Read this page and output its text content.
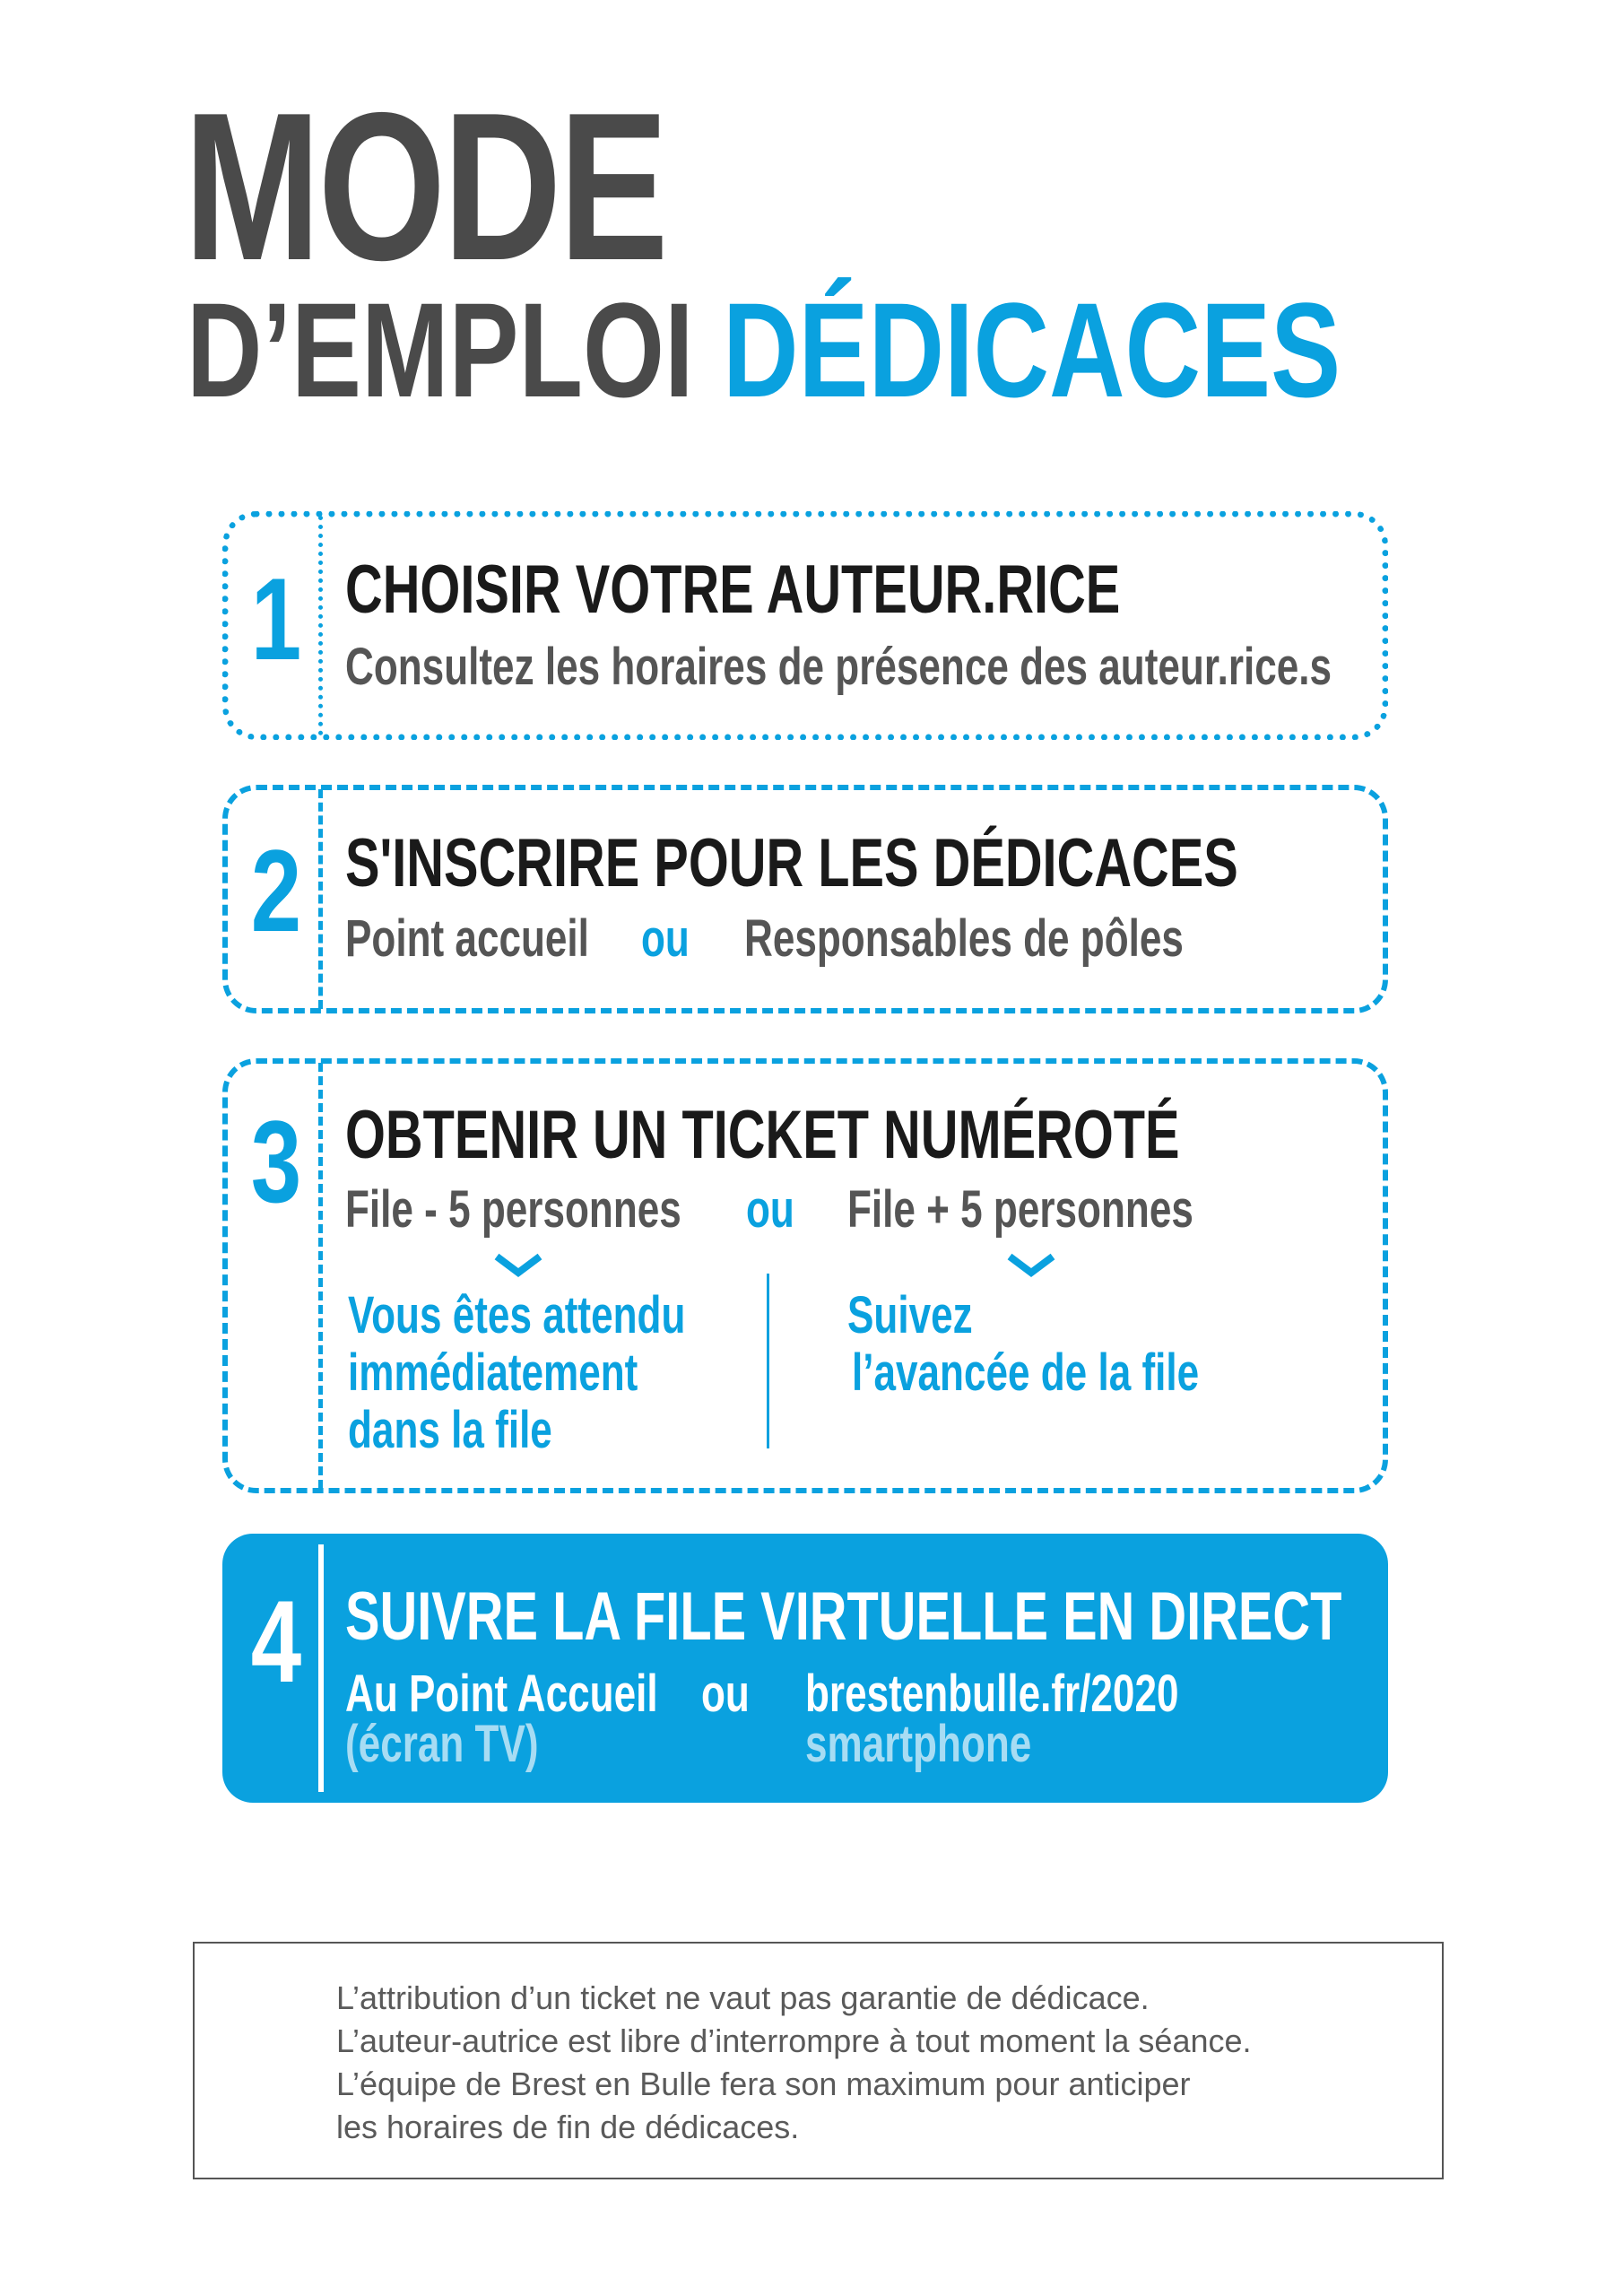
MODE
D’EMPLOI DÉDICACES
1 CHOISIR VOTRE AUTEUR.RICE
Consultez les horaires de présence des auteur.rice.s
2 S'INSCRIRE POUR LES DÉDICACES
Point accueil ou Responsables de pôles
3 OBTENIR UN TICKET NUMÉROTÉ
File - 5 personnes ou File + 5 personnes
Vous êtes attendu
immédiatement
dans la file
Suivez
l’avancée de la file
4 SUIVRE LA FILE VIRTUELLE EN DIRECT
Au Point Accueil
(écran TV)
ou brestenbulle.fr/2020
smartphone
L’attribution d’un ticket ne vaut pas garantie de dédicace.
L’auteur-autrice est libre d’interrompre à tout moment la séance.
L’équipe de Brest en Bulle fera son maximum pour anticiper
les horaires de fin de dédicaces.
